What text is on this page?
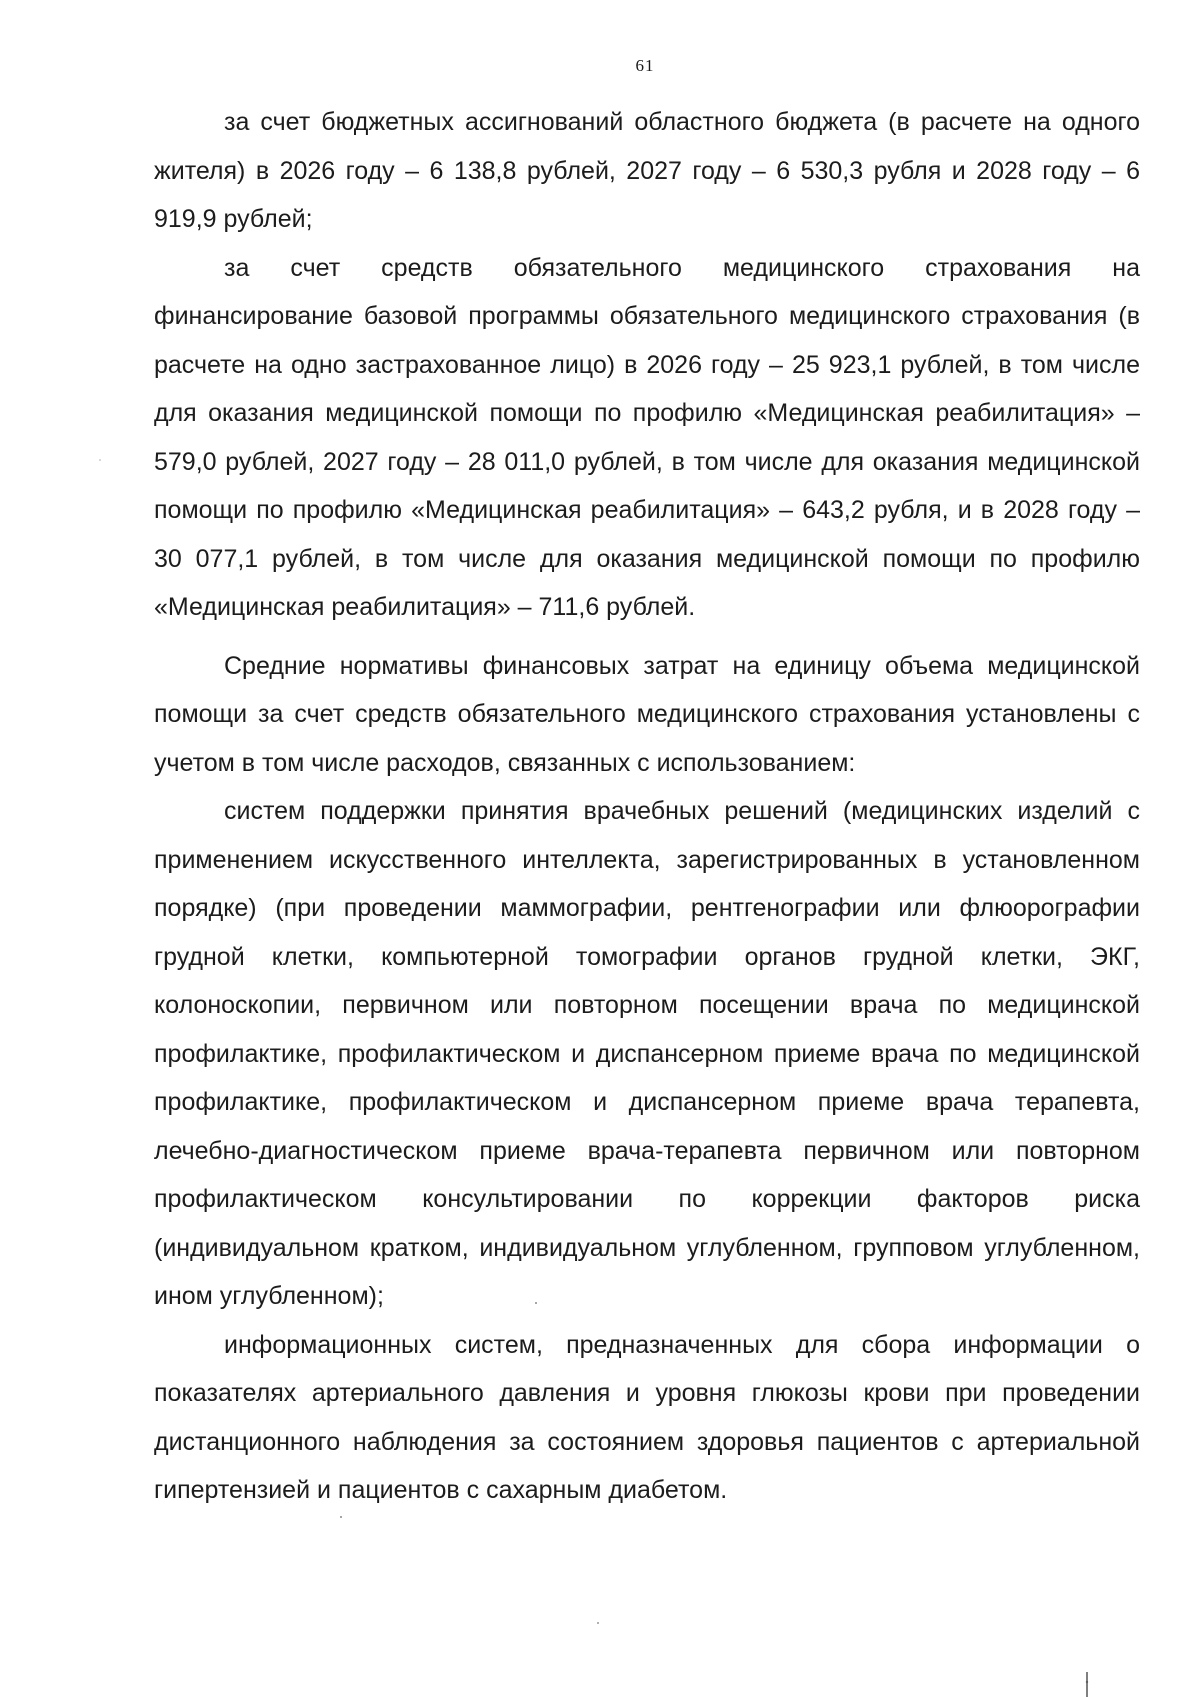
61

за счет бюджетных ассигнований областного бюджета (в расчете на одного жителя) в 2026 году – 6 138,8 рублей, 2027 году – 6 530,3 рубля и 2028 году – 6 919,9 рублей;

за счет средств обязательного медицинского страхования на финансирование базовой программы обязательного медицинского страхования (в расчете на одно застрахованное лицо) в 2026 году – 25 923,1 рублей, в том числе для оказания медицинской помощи по профилю «Медицинская реабилитация» – 579,0 рублей, 2027 году – 28 011,0 рублей, в том числе для оказания медицинской помощи по профилю «Медицинская реабилитация» – 643,2 рубля, и в 2028 году – 30 077,1 рублей, в том числе для оказания медицинской помощи по профилю «Медицинская реабилитация» – 711,6 рублей.

Средние нормативы финансовых затрат на единицу объема медицинской помощи за счет средств обязательного медицинского страхования установлены с учетом в том числе расходов, связанных с использованием:

систем поддержки принятия врачебных решений (медицинских изделий с применением искусственного интеллекта, зарегистрированных в установленном порядке) (при проведении маммографии, рентгенографии или флюорографии грудной клетки, компьютерной томографии органов грудной клетки, ЭКГ, колоноскопии, первичном или повторном посещении врача по медицинской профилактике, профилактическом и диспансерном приеме врача по медицинской профилактике, профилактическом и диспансерном приеме врача терапевта, лечебно-диагностическом приеме врача-терапевта первичном или повторном профилактическом консультировании по коррекции факторов риска (индивидуальном кратком, индивидуальном углубленном, групповом углубленном, ином углубленном);

информационных систем, предназначенных для сбора информации о показателях артериального давления и уровня глюкозы крови при проведении дистанционного наблюдения за состоянием здоровья пациентов с артериальной гипертензией и пациентов с сахарным диабетом.
